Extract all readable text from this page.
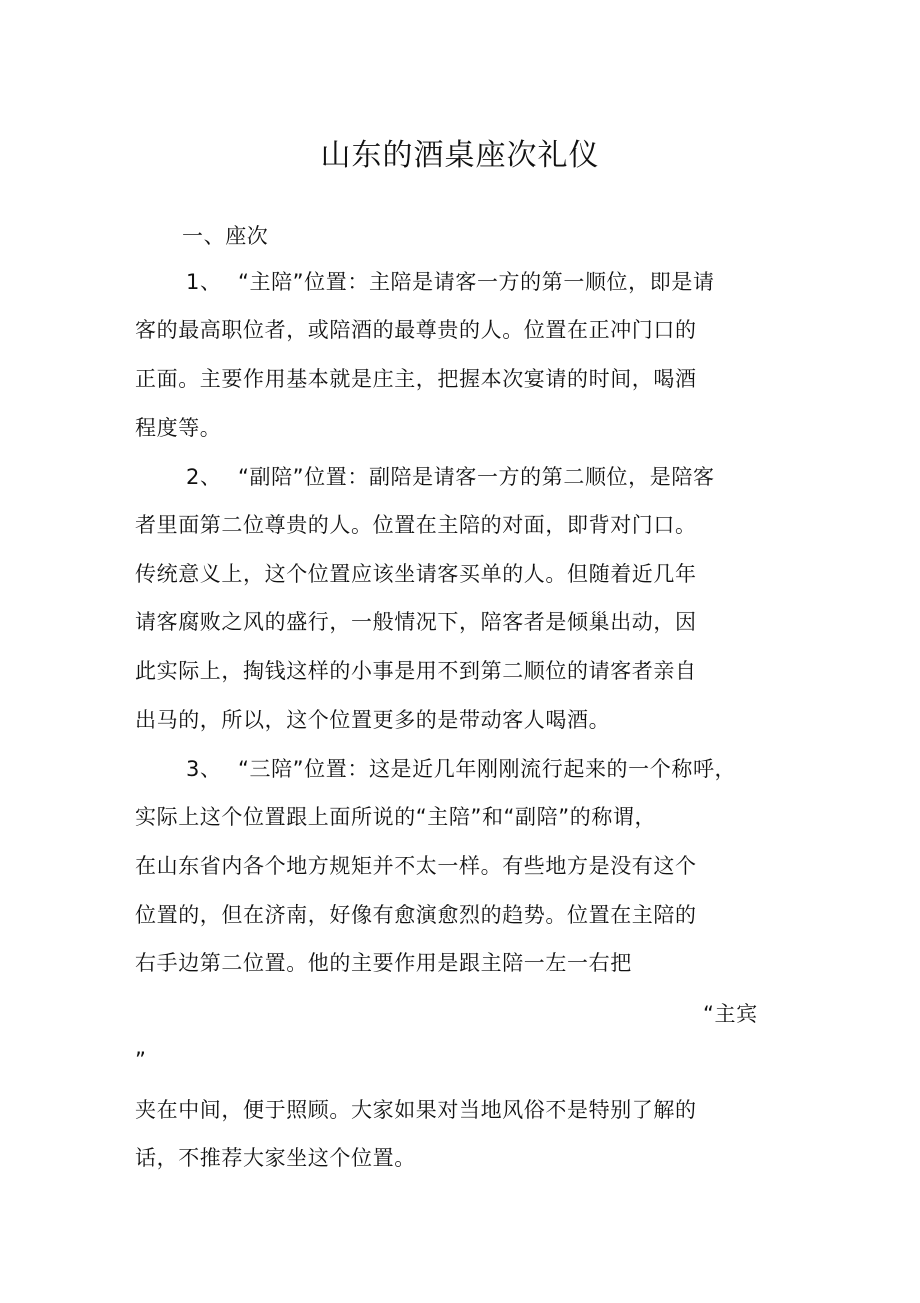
山东的酒桌座次礼仪
一、座次
1、 “主陪”位置：主陪是请客一方的第一顺位，即是请
客的最高职位者，或陪酒的最尊贵的人。位置在正冲门口的
正面。主要作用基本就是庄主，把握本次宴请的时间，喝酒
程度等。
2、 “副陪”位置：副陪是请客一方的第二顺位，是陪客
者里面第二位尊贵的人。位置在主陪的对面，即背对门口。
传统意义上，这个位置应该坐请客买单的人。但随着近几年
请客腐败之风的盛行，一般情况下，陪客者是倾巢出动，因
此实际上，掏钱这样的小事是用不到第二顺位的请客者亲自
出马的，所以，这个位置更多的是带动客人喝酒。
3、 “三陪”位置：这是近几年刚刚流行起来的一个称呼，
实际上这个位置跟上面所说的“主陪”和“副陪”的称谓，
在山东省内各个地方规矩并不太一样。有些地方是没有这个
位置的，但在济南，好像有愈演愈烈的趋势。位置在主陪的
右手边第二位置。他的主要作用是跟主陪一左一右把
“主宾
”
夹在中间，便于照顾。大家如果对当地风俗不是特别了解的
话，不推荐大家坐这个位置。
